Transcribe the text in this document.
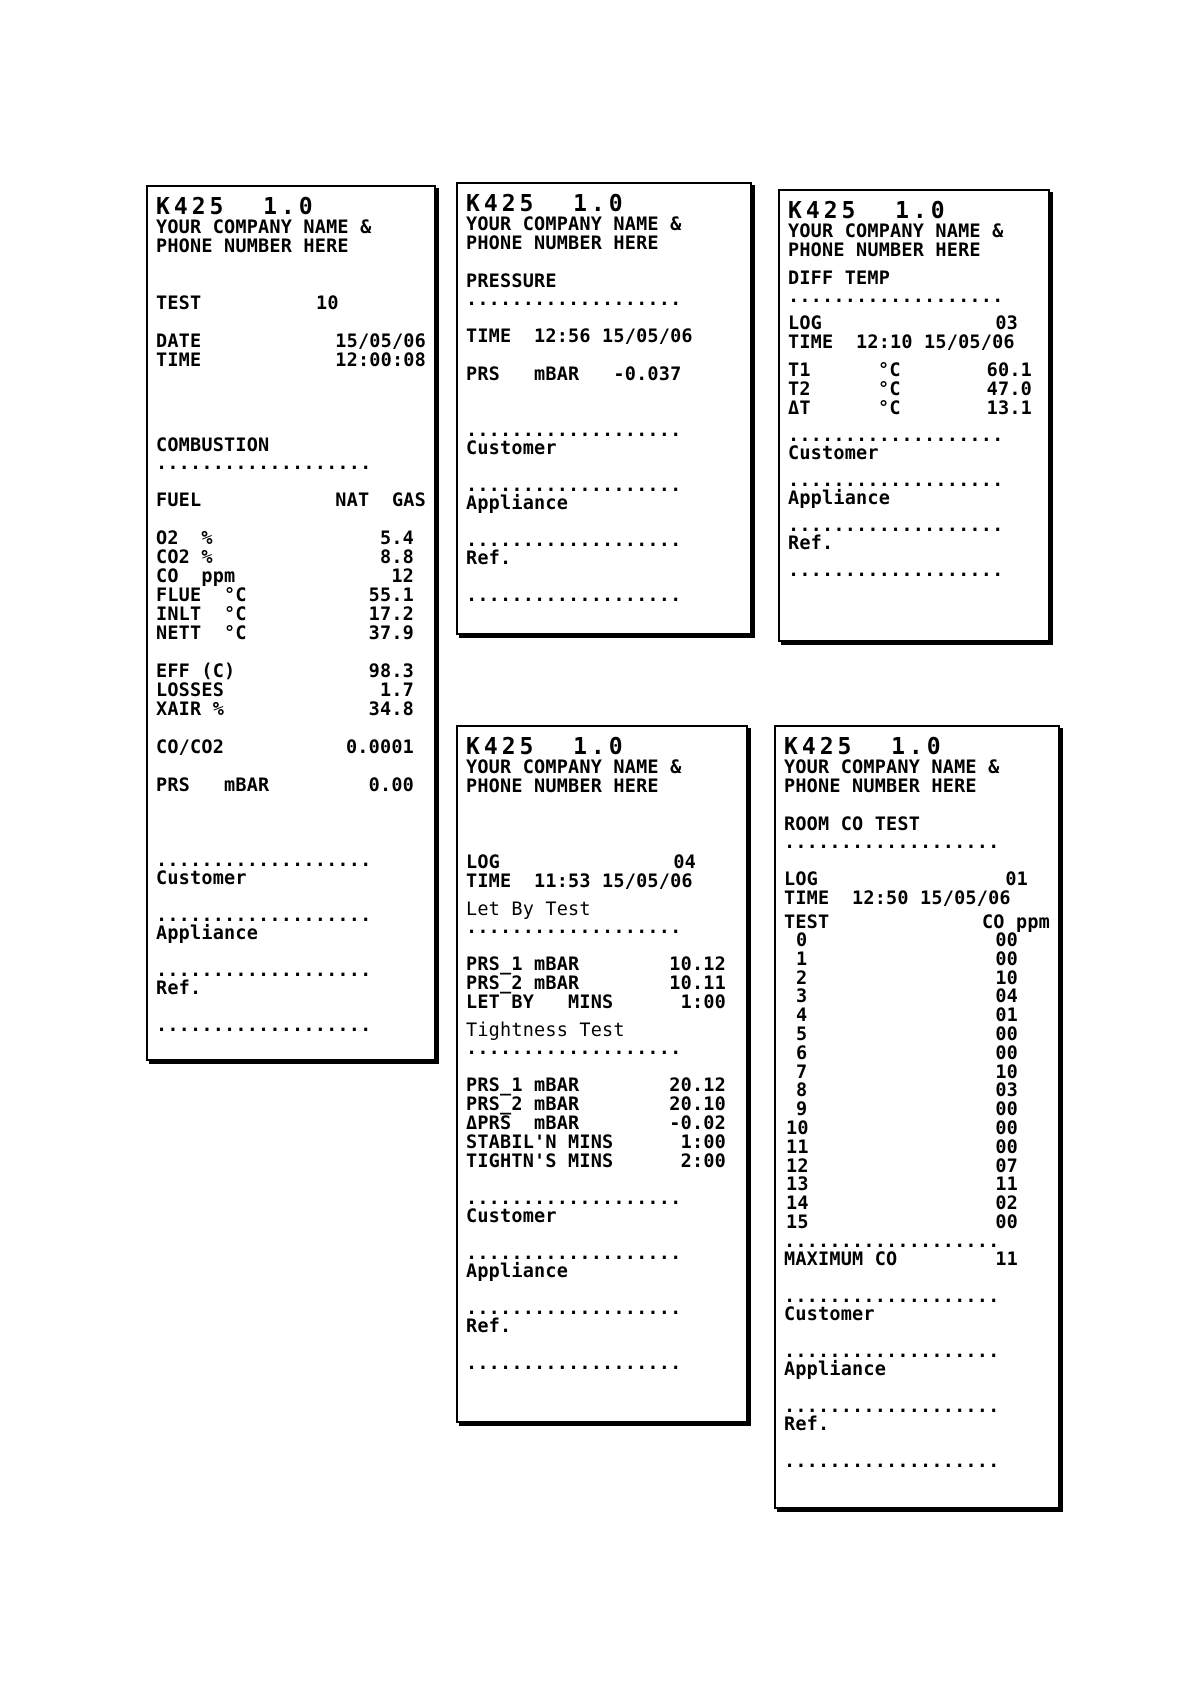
K425  1.0
YOUR COMPANY NAME &
PHONE NUMBER HERE
TEST	10
DATE	15/05/06
TIME	12:00:08
COMBUSTION
...................
FUEL	NAT  GAS
O2  %	5.4
CO2 %	8.8
CO  ppm	12
FLUE  °C	55.1
INLT  °C	17.2
NETT  °C	37.9
EFF (C)	98.3
LOSSES	1.7
XAIR %	34.8
CO/CO2	0.0001
PRS   mBAR	0.00
...................
Customer
...................
Appliance
...................
Ref.
...................
K425  1.0
YOUR COMPANY NAME &
PHONE NUMBER HERE
PRESSURE
...................
TIME  12:56 15/05/06
PRS   mBAR   -0.037
...................
Customer
...................
Appliance
...................
Ref.
...................
K425  1.0
YOUR COMPANY NAME &
PHONE NUMBER HERE
DIFF TEMP
...................
LOG	03
TIME  12:10 15/05/06
T1	°C	60.1
T2	°C	47.0
ΔT	°C	13.1
...................
Customer
...................
Appliance
...................
Ref.
...................
K425  1.0
YOUR COMPANY NAME &
PHONE NUMBER HERE
LOG	04
TIME  11:53 15/05/06
Let By Test
...................
PRS_1 mBAR	10.12
PRS_2 mBAR	10.11
LET BY   MINS	1:00
Tightness Test
...................
PRS_1 mBAR	20.12
PRS_2 mBAR	20.10
ΔPRS  mBAR	-0.02
STABIL'N MINS	1:00
TIGHTN'S MINS	2:00
...................
Customer
...................
Appliance
...................
Ref.
...................
K425  1.0
YOUR COMPANY NAME &
PHONE NUMBER HERE
ROOM CO TEST
...................
LOG	01
TIME  12:50 15/05/06
TEST	CO ppm
0	00
1	00
2	10
3	04
4	01
5	00
6	00
7	10
8	03
9	00
10	00
11	00
12	07
13	11
14	02
15	00
...................
MAXIMUM CO	11
...................
Customer
...................
Appliance
...................
Ref.
...................
